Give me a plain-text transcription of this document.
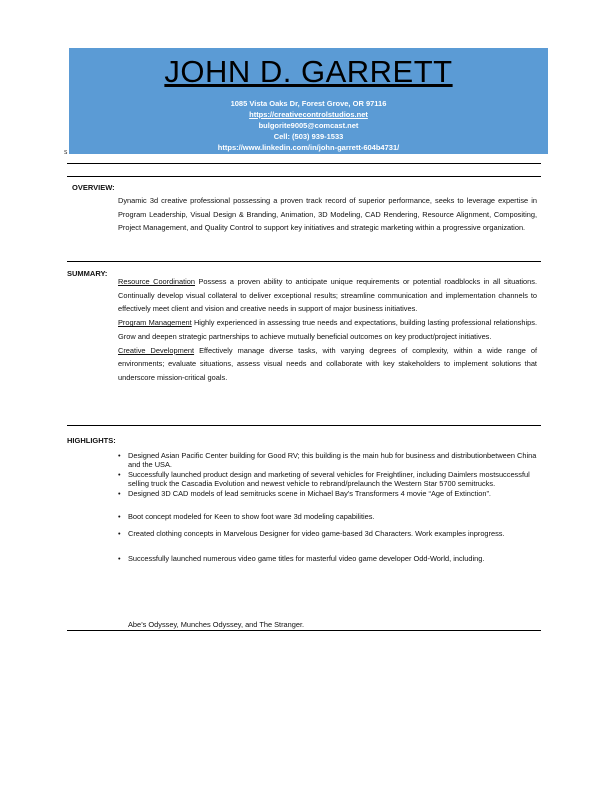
JOHN D. GARRETT
1085 Vista Oaks Dr, Forest Grove, OR 97116
https://creativecontrolstudios.net
bulgorite9005@comcast.net
Cell: (503) 939-1533
https://www.linkedin.com/in/john-garrett-604b4731/
S
OVERVIEW:
Dynamic 3d creative professional possessing a proven track record of superior performance, seeks to leverage expertise in Program Leadership, Visual Design & Branding, Animation, 3D Modeling, CAD Rendering, Resource Alignment, Compositing, Project Management, and Quality Control to support key initiatives and strategic marketing within a progressive organization.
SUMMARY:
Resource Coordination Possess a proven ability to anticipate unique requirements or potential roadblocks in all situations. Continually develop visual collateral to deliver exceptional results; streamline communication and implementation channels to effectively meet client and vision and creative needs in support of major business initiatives.
Program Management Highly experienced in assessing true needs and expectations, building lasting professional relationships. Grow and deepen strategic partnerships to achieve mutually beneficial outcomes on key product/project initiatives.
Creative Development Effectively manage diverse tasks, with varying degrees of complexity, within a wide range of environments; evaluate situations, assess visual needs and collaborate with key stakeholders to implement solutions that underscore mission-critical goals.
HIGHLIGHTS:
• Designed Asian Pacific Center building for Good RV; this building is the main hub for business and distributionbetween China and the USA.
• Successfully launched product design and marketing of several vehicles for Freightliner, including Daimlers mostsuccessful selling truck the Cascadia Evolution and newest vehicle to rebrand/prelaunch the Western Star 5700 semitrucks.
• Designed 3D CAD models of lead semitrucks scene in Michael Bay’s Transformers 4 movie “Age of Extinction”.
• Boot concept modeled for Keen to show foot ware 3d modeling capabilities.
• Created clothing concepts in Marvelous Designer for video game-based 3d Characters. Work examples inprogress.
• Successfully launched numerous video game titles for masterful video game developer Odd-World, including.
Abe’s Odyssey, Munches Odyssey, and The Stranger.
